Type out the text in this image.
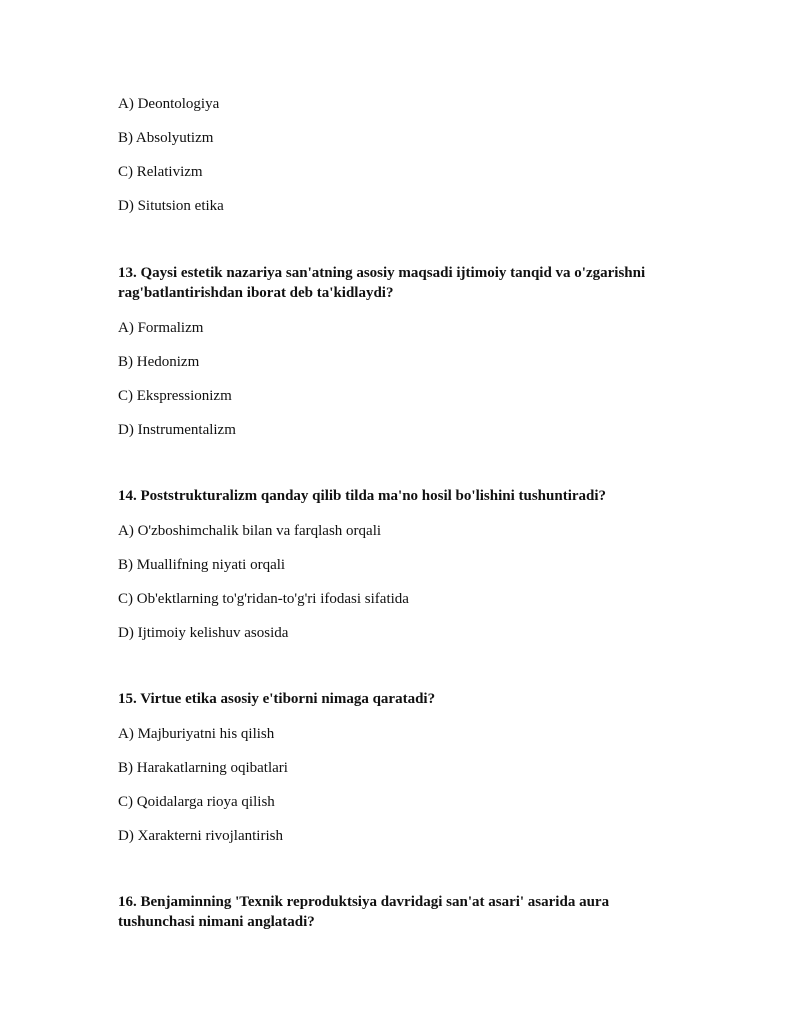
A) Deontologiya
B) Absolyutizm
C) Relativizm
D) Situtsion etika
13. Qaysi estetik nazariya san'atning asosiy maqsadi ijtimoiy tanqid va o'zgarishni rag'batlantirishdan iborat deb ta'kidlaydi?
A) Formalizm
B) Hedonizm
C) Ekspressionizm
D) Instrumentalizm
14. Poststrukturalizm qanday qilib tilda ma'no hosil bo'lishini tushuntiradi?
A) O'zboshimchalik bilan va farqlash orqali
B) Muallifning niyati orqali
C) Ob'ektlarning to'g'ridan-to'g'ri ifodasi sifatida
D) Ijtimoiy kelishuv asosida
15. Virtue etika asosiy e'tiborni nimaga qaratadi?
A) Majburiyatni his qilish
B) Harakatlarning oqibatlari
C) Qoidalarga rioya qilish
D) Xarakterni rivojlantirish
16. Benjaminning 'Texnik reproduktsiya davridagi san'at asari' asarida aura tushunchasi nimani anglatadi?
